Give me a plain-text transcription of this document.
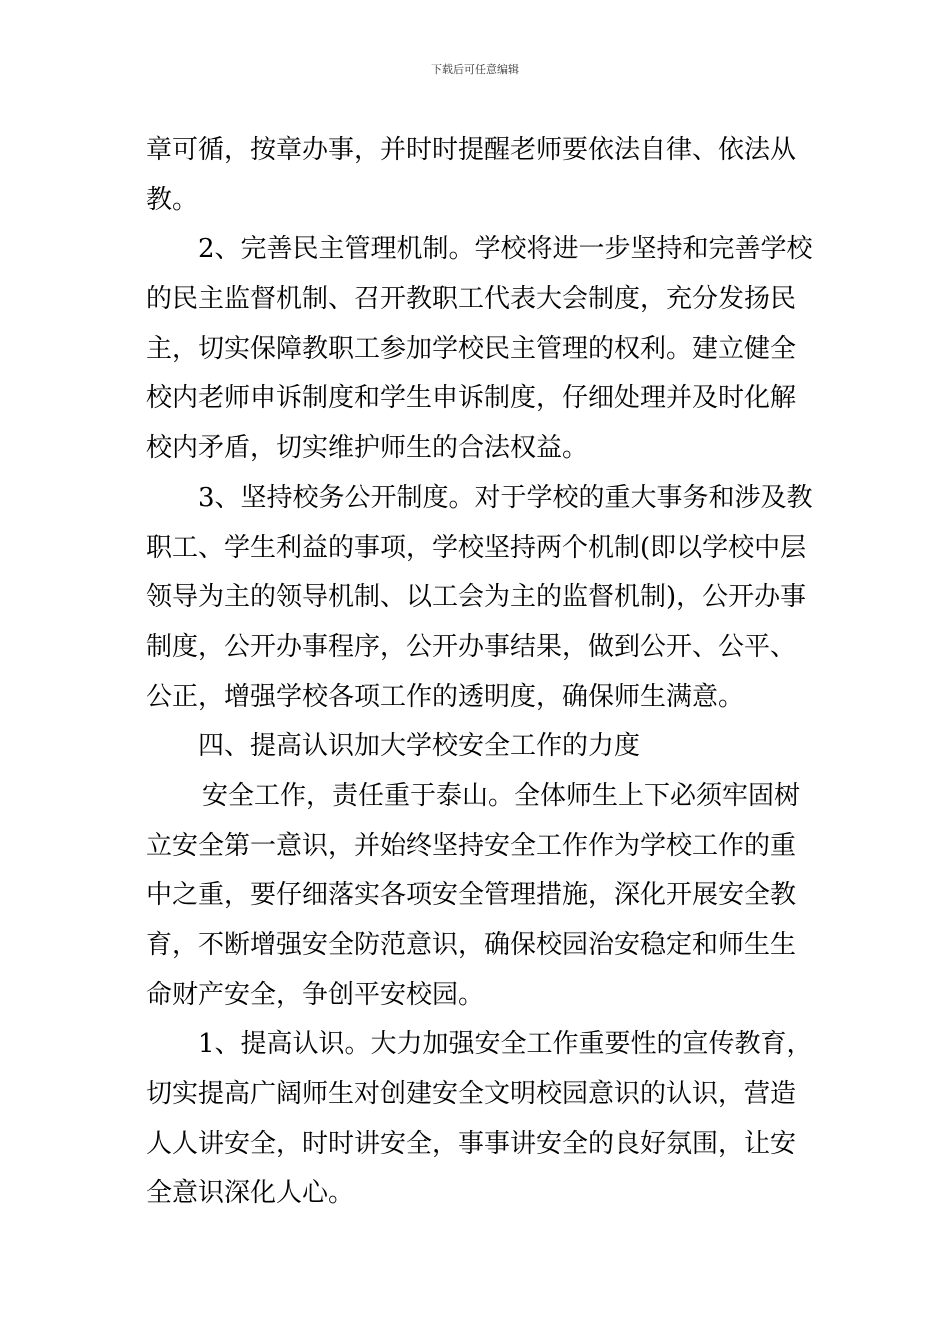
下载后可任意编辑
章可循，按章办事，并时时提醒老师要依法自律、依法从
教。
2、完善民主管理机制。学校将进一步坚持和完善学校
的民主监督机制、召开教职工代表大会制度，充分发扬民
主，切实保障教职工参加学校民主管理的权利。建立健全
校内老师申诉制度和学生申诉制度，仔细处理并及时化解
校内矛盾，切实维护师生的合法权益。
3、坚持校务公开制度。对于学校的重大事务和涉及教
职工、学生利益的事项，学校坚持两个机制(即以学校中层
领导为主的领导机制、以工会为主的监督机制)，公开办事
制度，公开办事程序，公开办事结果，做到公开、公平、
公正，增强学校各项工作的透明度，确保师生满意。
四、提高认识加大学校安全工作的力度
安全工作，责任重于泰山。全体师生上下必须牢固树
立安全第一意识，并始终坚持安全工作作为学校工作的重
中之重，要仔细落实各项安全管理措施，深化开展安全教
育，不断增强安全防范意识，确保校园治安稳定和师生生
命财产安全，争创平安校园。
1、提高认识。大力加强安全工作重要性的宣传教育，
切实提高广阔师生对创建安全文明校园意识的认识，营造
人人讲安全，时时讲安全，事事讲安全的良好氛围，让安
全意识深化人心。
